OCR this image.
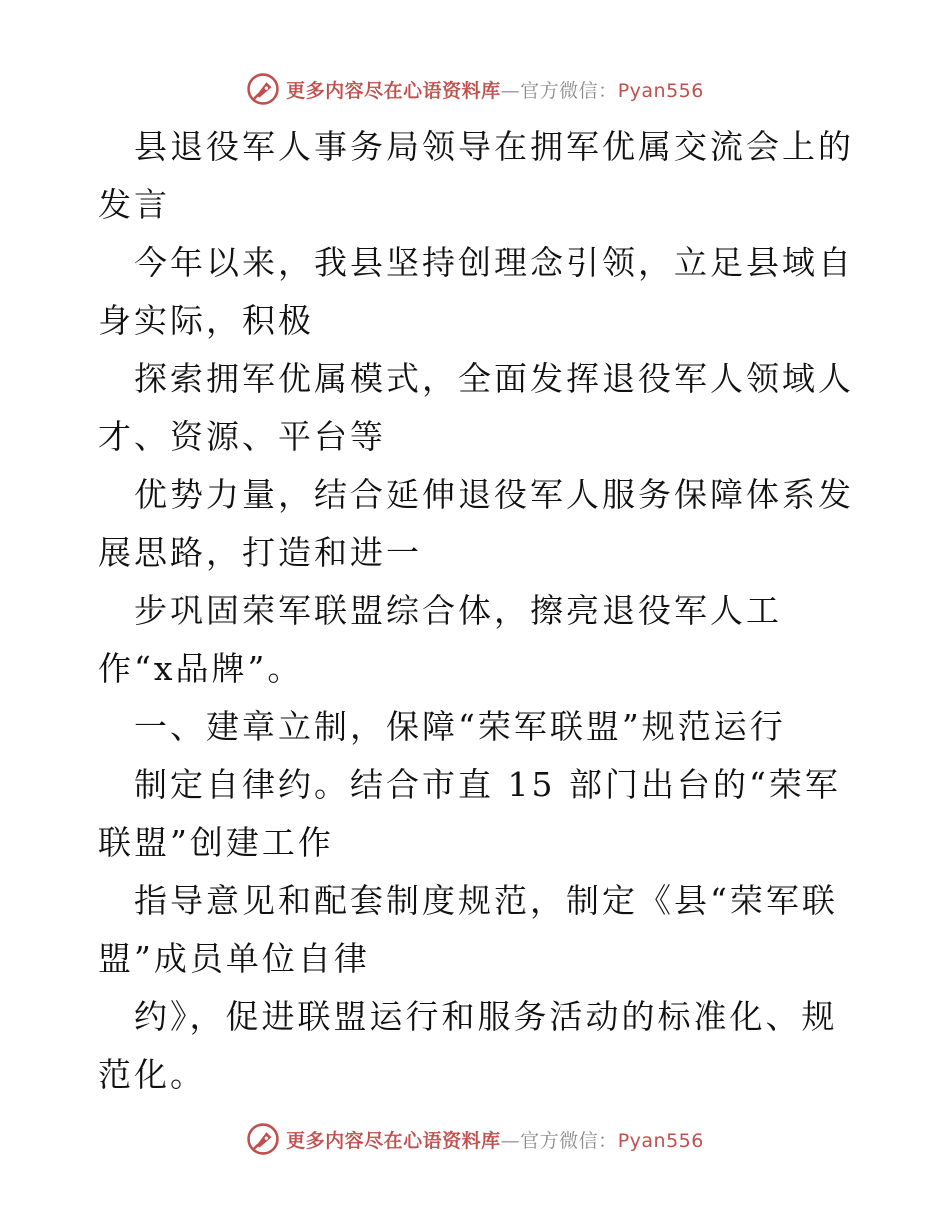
更多内容尽在心语资料库—官方微信：Pyan556

县退役军人事务局领导在拥军优属交流会上的发言

今年以来，我县坚持创理念引领，立足县域自身实际，积极

探索拥军优属模式，全面发挥退役军人领域人才、资源、平台等

优势力量，结合延伸退役军人服务保障体系发展思路，打造和进一

步巩固荣军联盟综合体，擦亮退役军人工作“x品牌”。

一、建章立制，保障“荣军联盟”规范运行

制定自律约。结合市直 15 部门出台的“荣军联盟”创建工作

指导意见和配套制度规范，制定《县“荣军联盟”成员单位自律

约》，促进联盟运行和服务活动的标准化、规范化。

更多内容尽在心语资料库—官方微信：Pyan556
